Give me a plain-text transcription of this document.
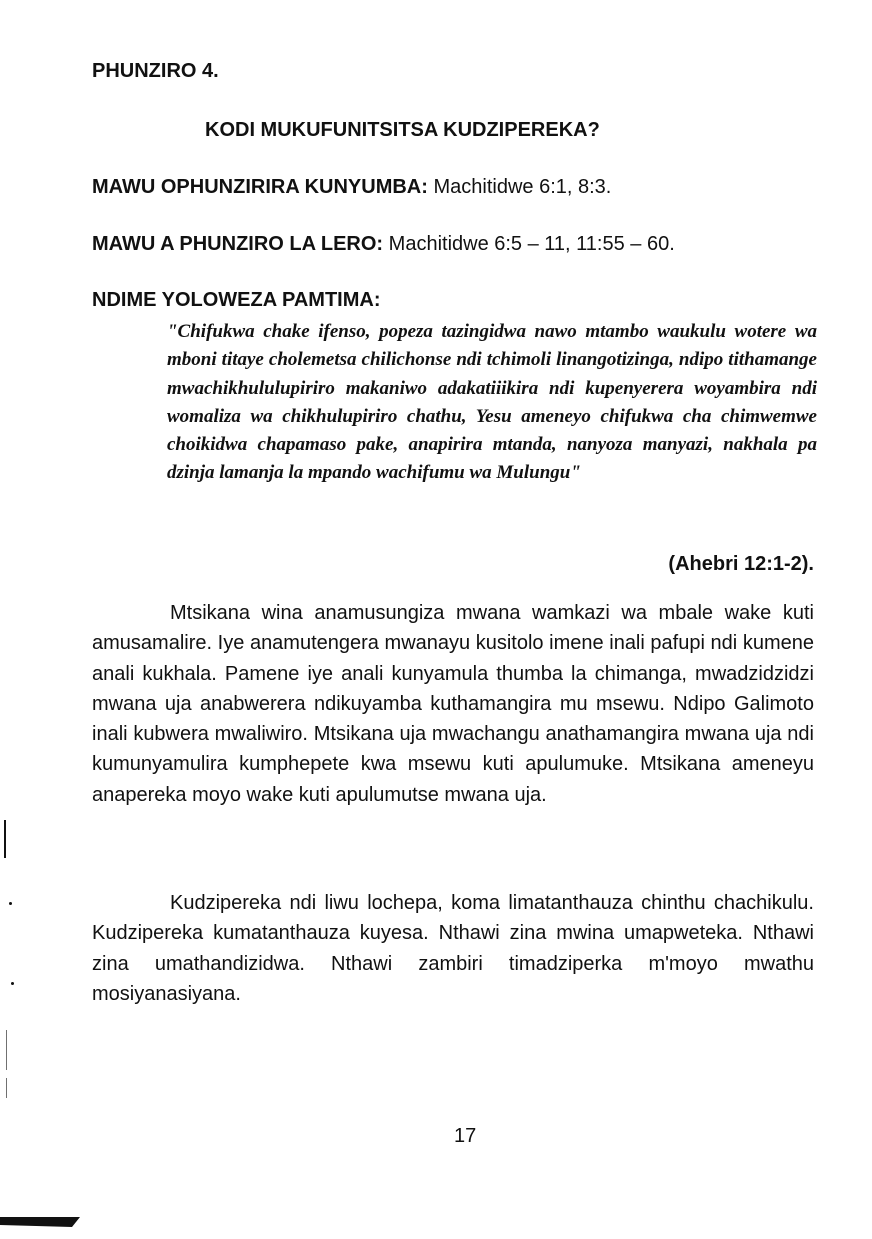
PHUNZIRO 4.
KODI MUKUFUNITSITSA KUDZIPEREKA?
MAWU OPHUNZIRIRA KUNYUMBA: Machitidwe 6:1, 8:3.
MAWU A PHUNZIRO LA LERO: Machitidwe 6:5 – 11, 11:55 – 60.
NDIME YOLOWEZA PAMTIMA:
"Chifukwa chake ifenso, popeza tazingidwa nawo mtambo waukulu wotere wa mboni titaye cholemetsa chilichonse ndi tchimoli linangotizinga, ndipo tithamange mwachikhululupiriro makaniwo adakatiiikira ndi kupenyerera woyambira ndi womaliza wa chikhulupiriro chathu, Yesu ameneyo chifukwa cha chimwemwe choikidwa chapamaso pake, anapirira mtanda, nanyoza manyazi, nakhala pa dzinja lamanja la mpando wachifumu wa Mulungu"
(Ahebri 12:1-2).

Mtsikana wina anamusungiza mwana wamkazi wa mbale wake kuti amusamalire. Iye anamutengera mwanayu kusitolo imene inali pafupi ndi kumene anali kukhala. Pamene iye anali kunyamula thumba la chimanga, mwadzidzidzi mwana uja anabwerera ndikuyamba kuthamangira mu msewu. Ndipo Galimoto inali kubwera mwaliwiro. Mtsikana uja mwachangu anathamangira mwana uja ndi kumunyamulira kumphepete kwa msewu kuti apulumuke. Mtsikana ameneyu anapereka moyo wake kuti apulumutse mwana uja.

Kudzipereka ndi liwu lochepa, koma limatanthauza chinthu chachikulu. Kudzipereka kumatanthauza kuyesa. Nthawi zina mwina umapweteka. Nthawi zina umathandizidwa. Nthawi zambiri timadziperka m'moyo mwathu mosiyanasiyana.

17
